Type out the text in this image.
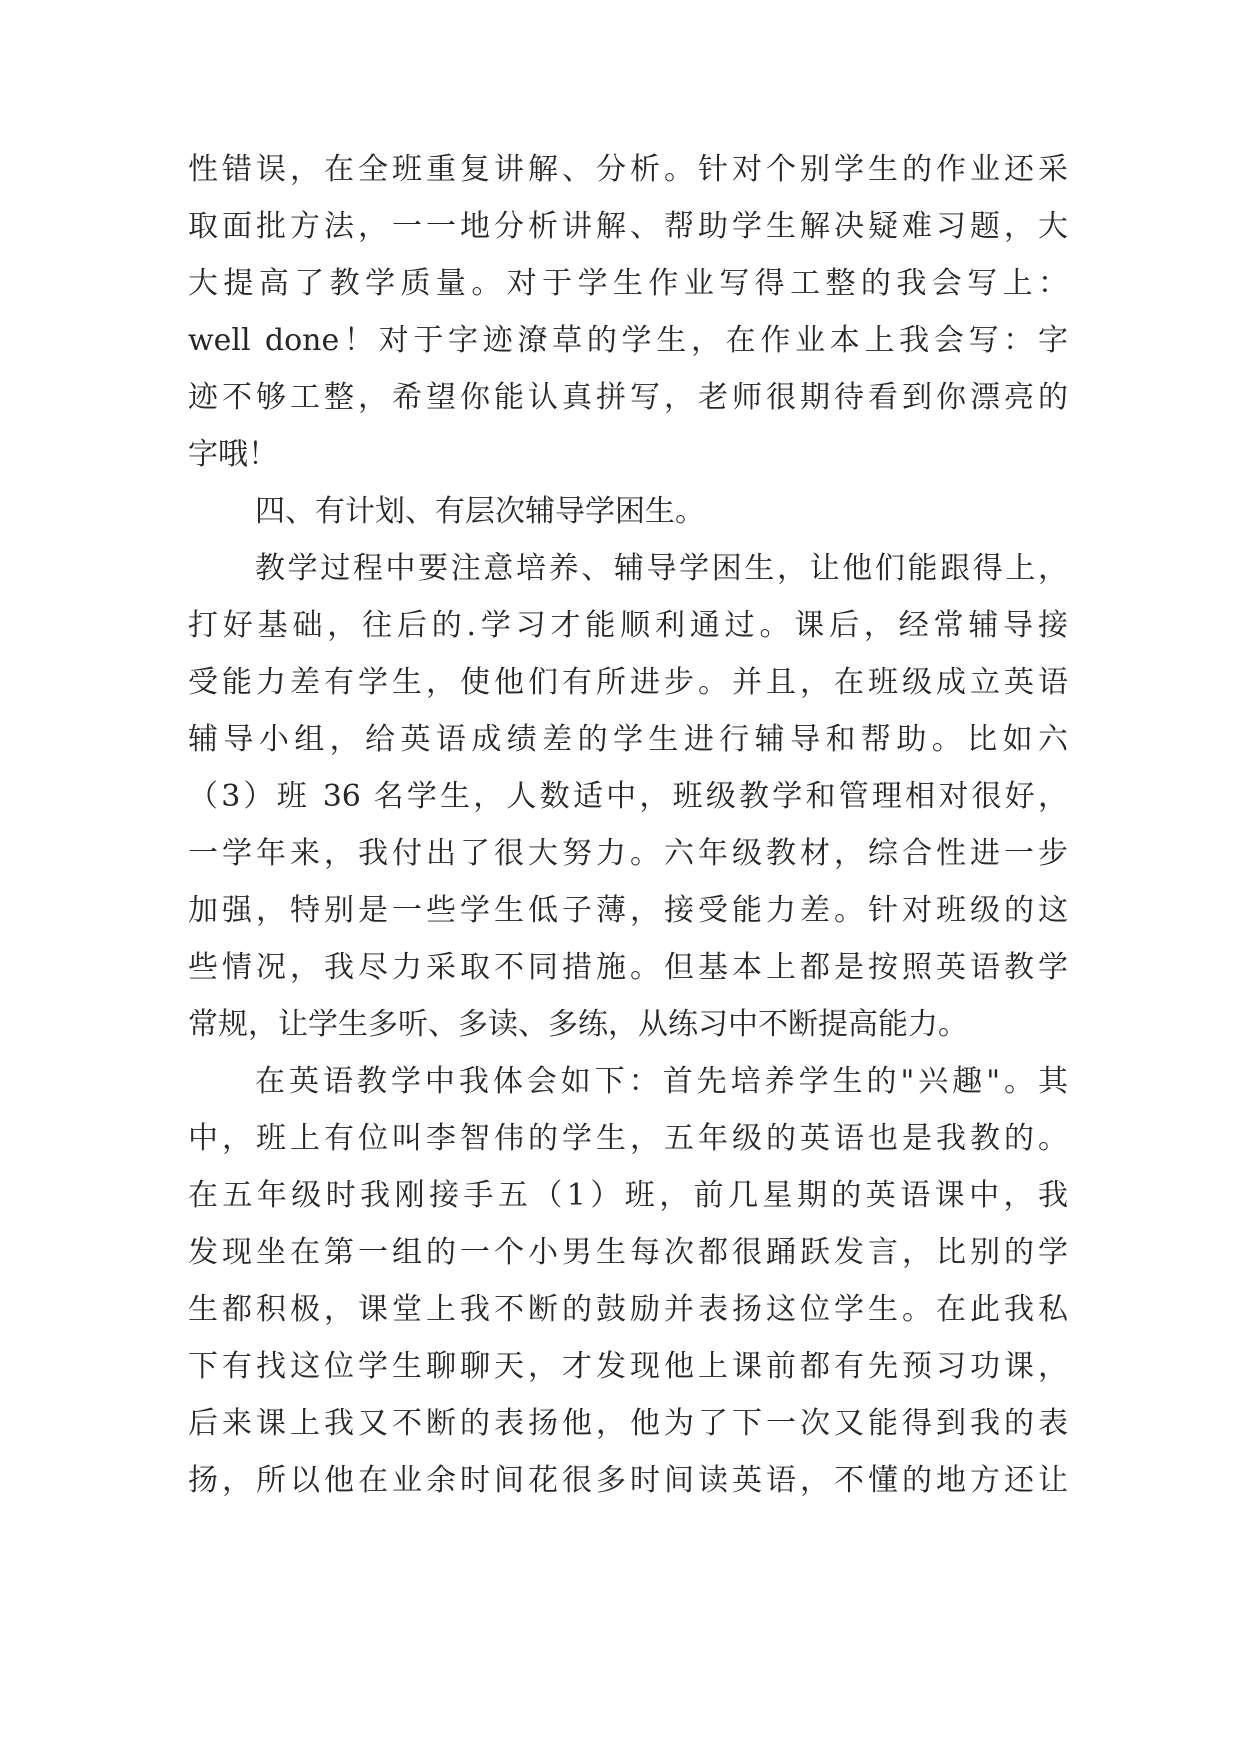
性错误，在全班重复讲解、分析。针对个别学生的作业还采
取面批方法，一一地分析讲解、帮助学生解决疑难习题，大
大提高了教学质量。对于学生作业写得工整的我会写上：
well done！对于字迹潦草的学生，在作业本上我会写：字
迹不够工整，希望你能认真拼写，老师很期待看到你漂亮的
字哦！
四、有计划、有层次辅导学困生。
教学过程中要注意培养、辅导学困生，让他们能跟得上，
打好基础，往后的.学习才能顺利通过。课后，经常辅导接
受能力差有学生，使他们有所进步。并且，在班级成立英语
辅导小组，给英语成绩差的学生进行辅导和帮助。比如六
（3）班 36 名学生，人数适中，班级教学和管理相对很好，
一学年来，我付出了很大努力。六年级教材，综合性进一步
加强，特别是一些学生低子薄，接受能力差。针对班级的这
些情况，我尽力采取不同措施。但基本上都是按照英语教学
常规，让学生多听、多读、多练，从练习中不断提高能力。
在英语教学中我体会如下：首先培养学生的"兴趣"。其
中，班上有位叫李智伟的学生，五年级的英语也是我教的。
在五年级时我刚接手五（1）班，前几星期的英语课中，我
发现坐在第一组的一个小男生每次都很踊跃发言，比别的学
生都积极，课堂上我不断的鼓励并表扬这位学生。在此我私
下有找这位学生聊聊天，才发现他上课前都有先预习功课，
后来课上我又不断的表扬他，他为了下一次又能得到我的表
扬，所以他在业余时间花很多时间读英语，不懂的地方还让
